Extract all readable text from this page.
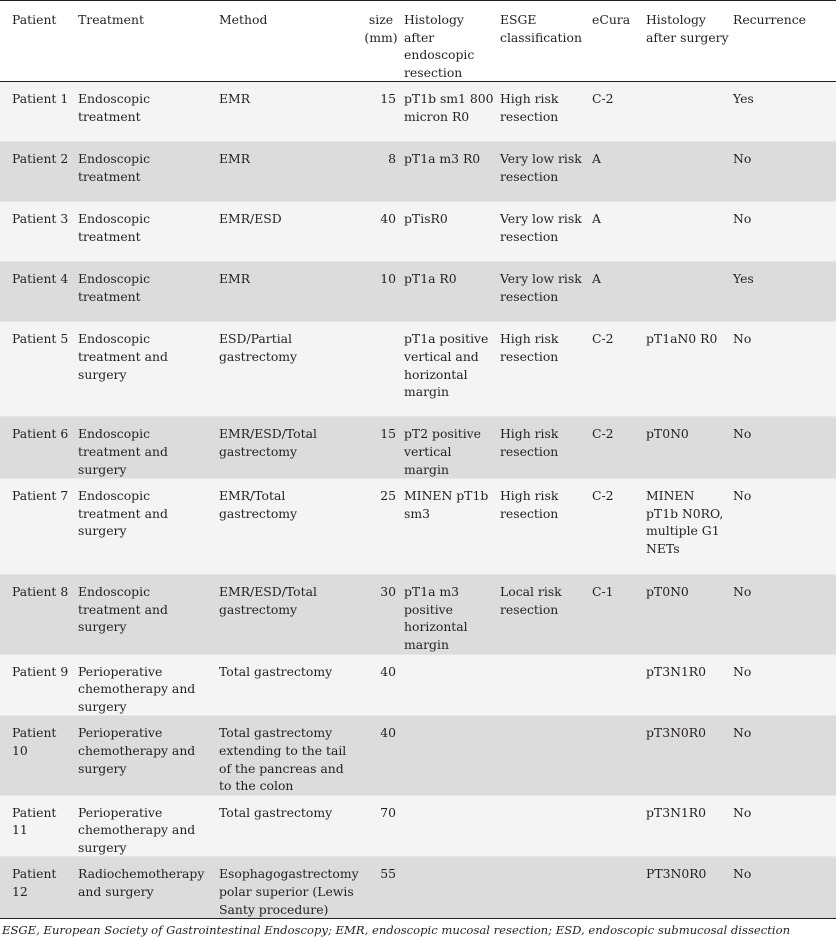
Patient	Treatment	Method	size (mm)	Histology after endoscopic resection	ESGE classification	eCura	Histology after surgery	Recurrence
Patient 1	Endoscopic treatment	EMR	15	pT1b sm1 800 micron R0	High risk resection	C-2		Yes
Patient 2	Endoscopic treatment	EMR	8	pT1a m3 R0	Very low risk resection	A		No
Patient 3	Endoscopic treatment	EMR/ESD	40	pTisR0	Very low risk resection	A		No
Patient 4	Endoscopic treatment	EMR	10	pT1a R0	Very low risk resection	A		Yes
Patient 5	Endoscopic treatment and surgery	ESD/Partial gastrectomy		pT1a positive vertical and horizontal margin	High risk resection	C-2	pT1aN0 R0	No
Patient 6	Endoscopic treatment and surgery	EMR/ESD/Total gastrectomy	15	pT2 positive vertical margin	High risk resection	C-2	pT0N0	No
Patient 7	Endoscopic treatment and surgery	EMR/Total gastrectomy	25	MINEN pT1b sm3	High risk resection	C-2	MINEN pT1b N0RO, multiple G1 NETs	No
Patient 8	Endoscopic treatment and surgery	EMR/ESD/Total gastrectomy	30	pT1a m3 positive horizontal margin	Local risk resection	C-1	pT0N0	No
Patient 9	Perioperative chemotherapy and surgery	Total gastrectomy	40				pT3N1R0	No
Patient 10	Perioperative chemotherapy and surgery	Total gastrectomy extending to the tail of the pancreas and to the colon	40				pT3N0R0	No
Patient 11	Perioperative chemotherapy and surgery	Total gastrectomy	70				pT3N1R0	No
Patient 12	Radiochemotherapy and surgery	Esophagogastrectomy polar superior (Lewis Santy procedure)	55				PT3N0R0	No
ESGE, European Society of Gastrointestinal Endoscopy; EMR, endoscopic mucosal resection; ESD, endoscopic submucosal dissection
